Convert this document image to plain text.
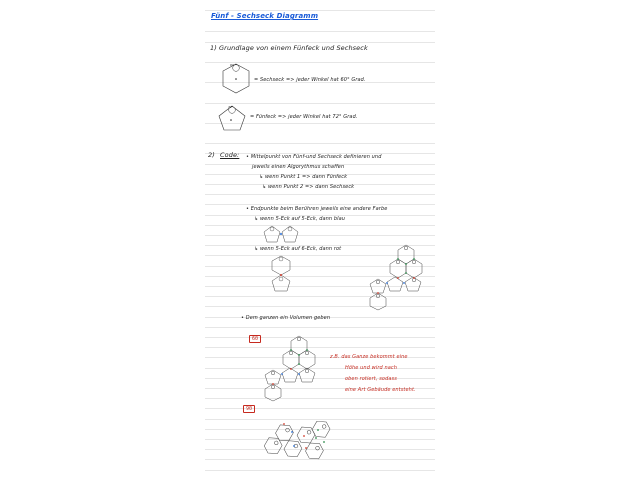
Fünf - Sechseck Diagramm
1) Grundlage von einem Fünfeck und Sechseck
60
= Sechseck => jeder Winkel hat 60° Grad.
72
= Fünfeck => jeder Winkel hat 72° Grad.
2) Code: • Mittelpunkt von Fünf-und Sechseck definieren und
jeweils einen Algorythmus schaffen
↳ wenn Punkt 1 => dann Fünfeck
↳ wenn Punkt 2 => dann Sechseck
• Endpunkte beim Berühren jeweils eine andere Farbe
↳ wenn 5-Eck auf 5-Eck, dann blau
↳ wenn 5-Eck auf 6-Eck, dann rot
• Dem ganzen ein Volumen geben
60
z.B. das Ganze bekommt eine
Höhe und wird nach
oben rotiert, sodass
eine Art Gebäude entsteht.
90
